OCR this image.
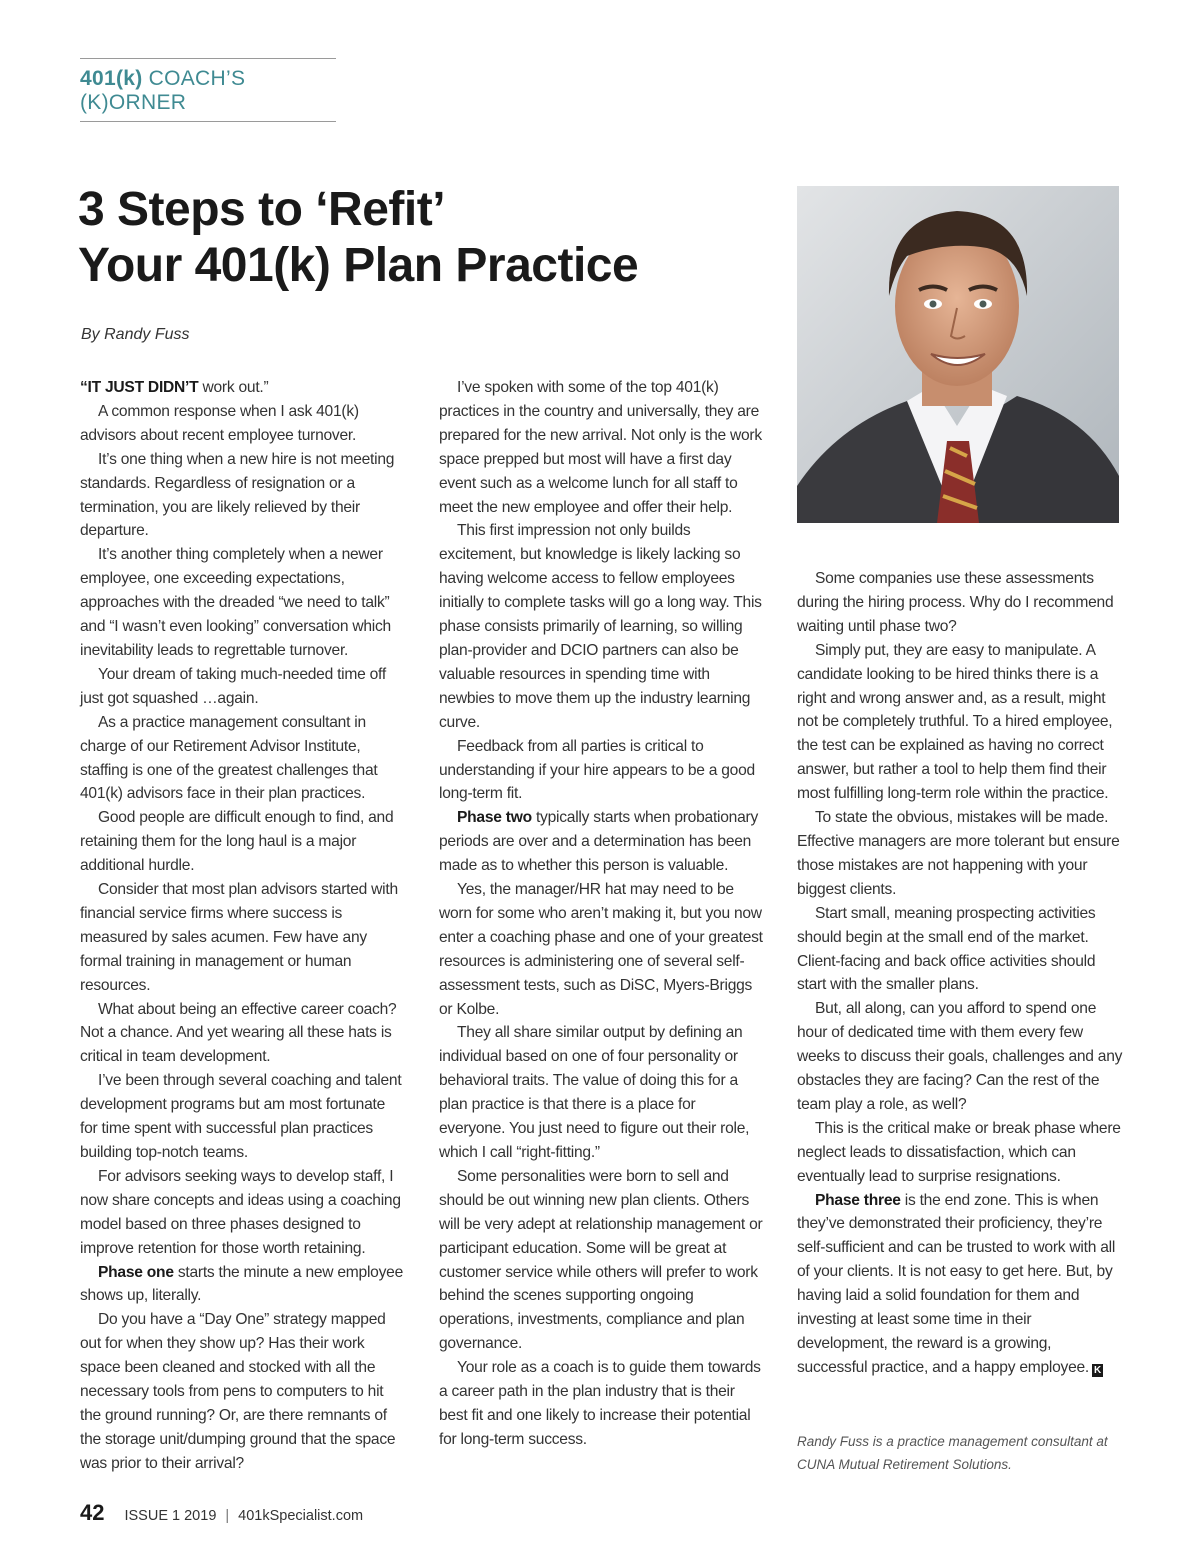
401(k) COACH’S (K)ORNER
3 Steps to ‘Refit’
Your 401(k) Plan Practice
By Randy Fuss

“IT JUST DIDN’T work out.”

A common response when I ask 401(k) advisors about recent employee turnover.

It’s one thing when a new hire is not meeting standards. Regardless of resignation or a termination, you are likely relieved by their departure.

It’s another thing completely when a newer employee, one exceeding expectations, approaches with the dreaded “we need to talk” and “I wasn’t even looking” conversation which inevitability leads to regrettable turnover.

Your dream of taking much-needed time off just got squashed …again.

As a practice management consultant in charge of our Retirement Advisor Institute, staffing is one of the greatest challenges that 401(k) advisors face in their plan practices.

Good people are difficult enough to find, and retaining them for the long haul is a major additional hurdle.

Consider that most plan advisors started with financial service firms where success is measured by sales acumen. Few have any formal training in management or human resources.

What about being an effective career coach? Not a chance. And yet wearing all these hats is critical in team development.

I’ve been through several coaching and talent development programs but am most fortunate for time spent with successful plan practices building top-notch teams.

For advisors seeking ways to develop staff, I now share concepts and ideas using a coaching model based on three phases designed to improve retention for those worth retaining.

Phase one starts the minute a new employee shows up, literally.

Do you have a “Day One” strategy mapped out for when they show up? Has their work space been cleaned and stocked with all the necessary tools from pens to computers to hit the ground running? Or, are there remnants of the storage unit/dumping ground that the space was prior to their arrival?

I’ve spoken with some of the top 401(k) practices in the country and universally, they are prepared for the new arrival. Not only is the work space prepped but most will have a first day event such as a welcome lunch for all staff to meet the new employee and offer their help.

This first impression not only builds excitement, but knowledge is likely lacking so having welcome access to fellow employees initially to complete tasks will go a long way. This phase consists primarily of learning, so willing plan-provider and DCIO partners can also be valuable resources in spending time with newbies to move them up the industry learning curve.

Feedback from all parties is critical to understanding if your hire appears to be a good long-term fit.

Phase two typically starts when probationary periods are over and a determination has been made as to whether this person is valuable.

Yes, the manager/HR hat may need to be worn for some who aren’t making it, but you now enter a coaching phase and one of your greatest resources is administering one of several self-assessment tests, such as DiSC, Myers-Briggs or Kolbe.

They all share similar output by defining an individual based on one of four personality or behavioral traits. The value of doing this for a plan practice is that there is a place for everyone. You just need to figure out their role, which I call “right-fitting.”

Some personalities were born to sell and should be out winning new plan clients. Others will be very adept at relationship management or participant education. Some will be great at customer service while others will prefer to work behind the scenes supporting ongoing operations, investments, compliance and plan governance.

Your role as a coach is to guide them towards a career path in the plan industry that is their best fit and one likely to increase their potential for long-term success.

Some companies use these assessments during the hiring process. Why do I recommend waiting until phase two?

Simply put, they are easy to manipulate. A candidate looking to be hired thinks there is a right and wrong answer and, as a result, might not be completely truthful. To a hired employee, the test can be explained as having no correct answer, but rather a tool to help them find their most fulfilling long-term role within the practice.

To state the obvious, mistakes will be made. Effective managers are more tolerant but ensure those mistakes are not happening with your biggest clients.

Start small, meaning prospecting activities should begin at the small end of the market. Client-facing and back office activities should start with the smaller plans.

But, all along, can you afford to spend one hour of dedicated time with them every few weeks to discuss their goals, challenges and any obstacles they are facing? Can the rest of the team play a role, as well?

This is the critical make or break phase where neglect leads to dissatisfaction, which can eventually lead to surprise resignations.

Phase three is the end zone. This is when they’ve demonstrated their proficiency, they’re self-sufficient and can be trusted to work with all of your clients. It is not easy to get here. But, by having laid a solid foundation for them and investing at least some time in their development, the reward is a growing, successful practice, and a happy employee. K

Randy Fuss is a practice management consultant at CUNA Mutual Retirement Solutions.
42 ISSUE 1 2019 | 401kSpecialist.com
